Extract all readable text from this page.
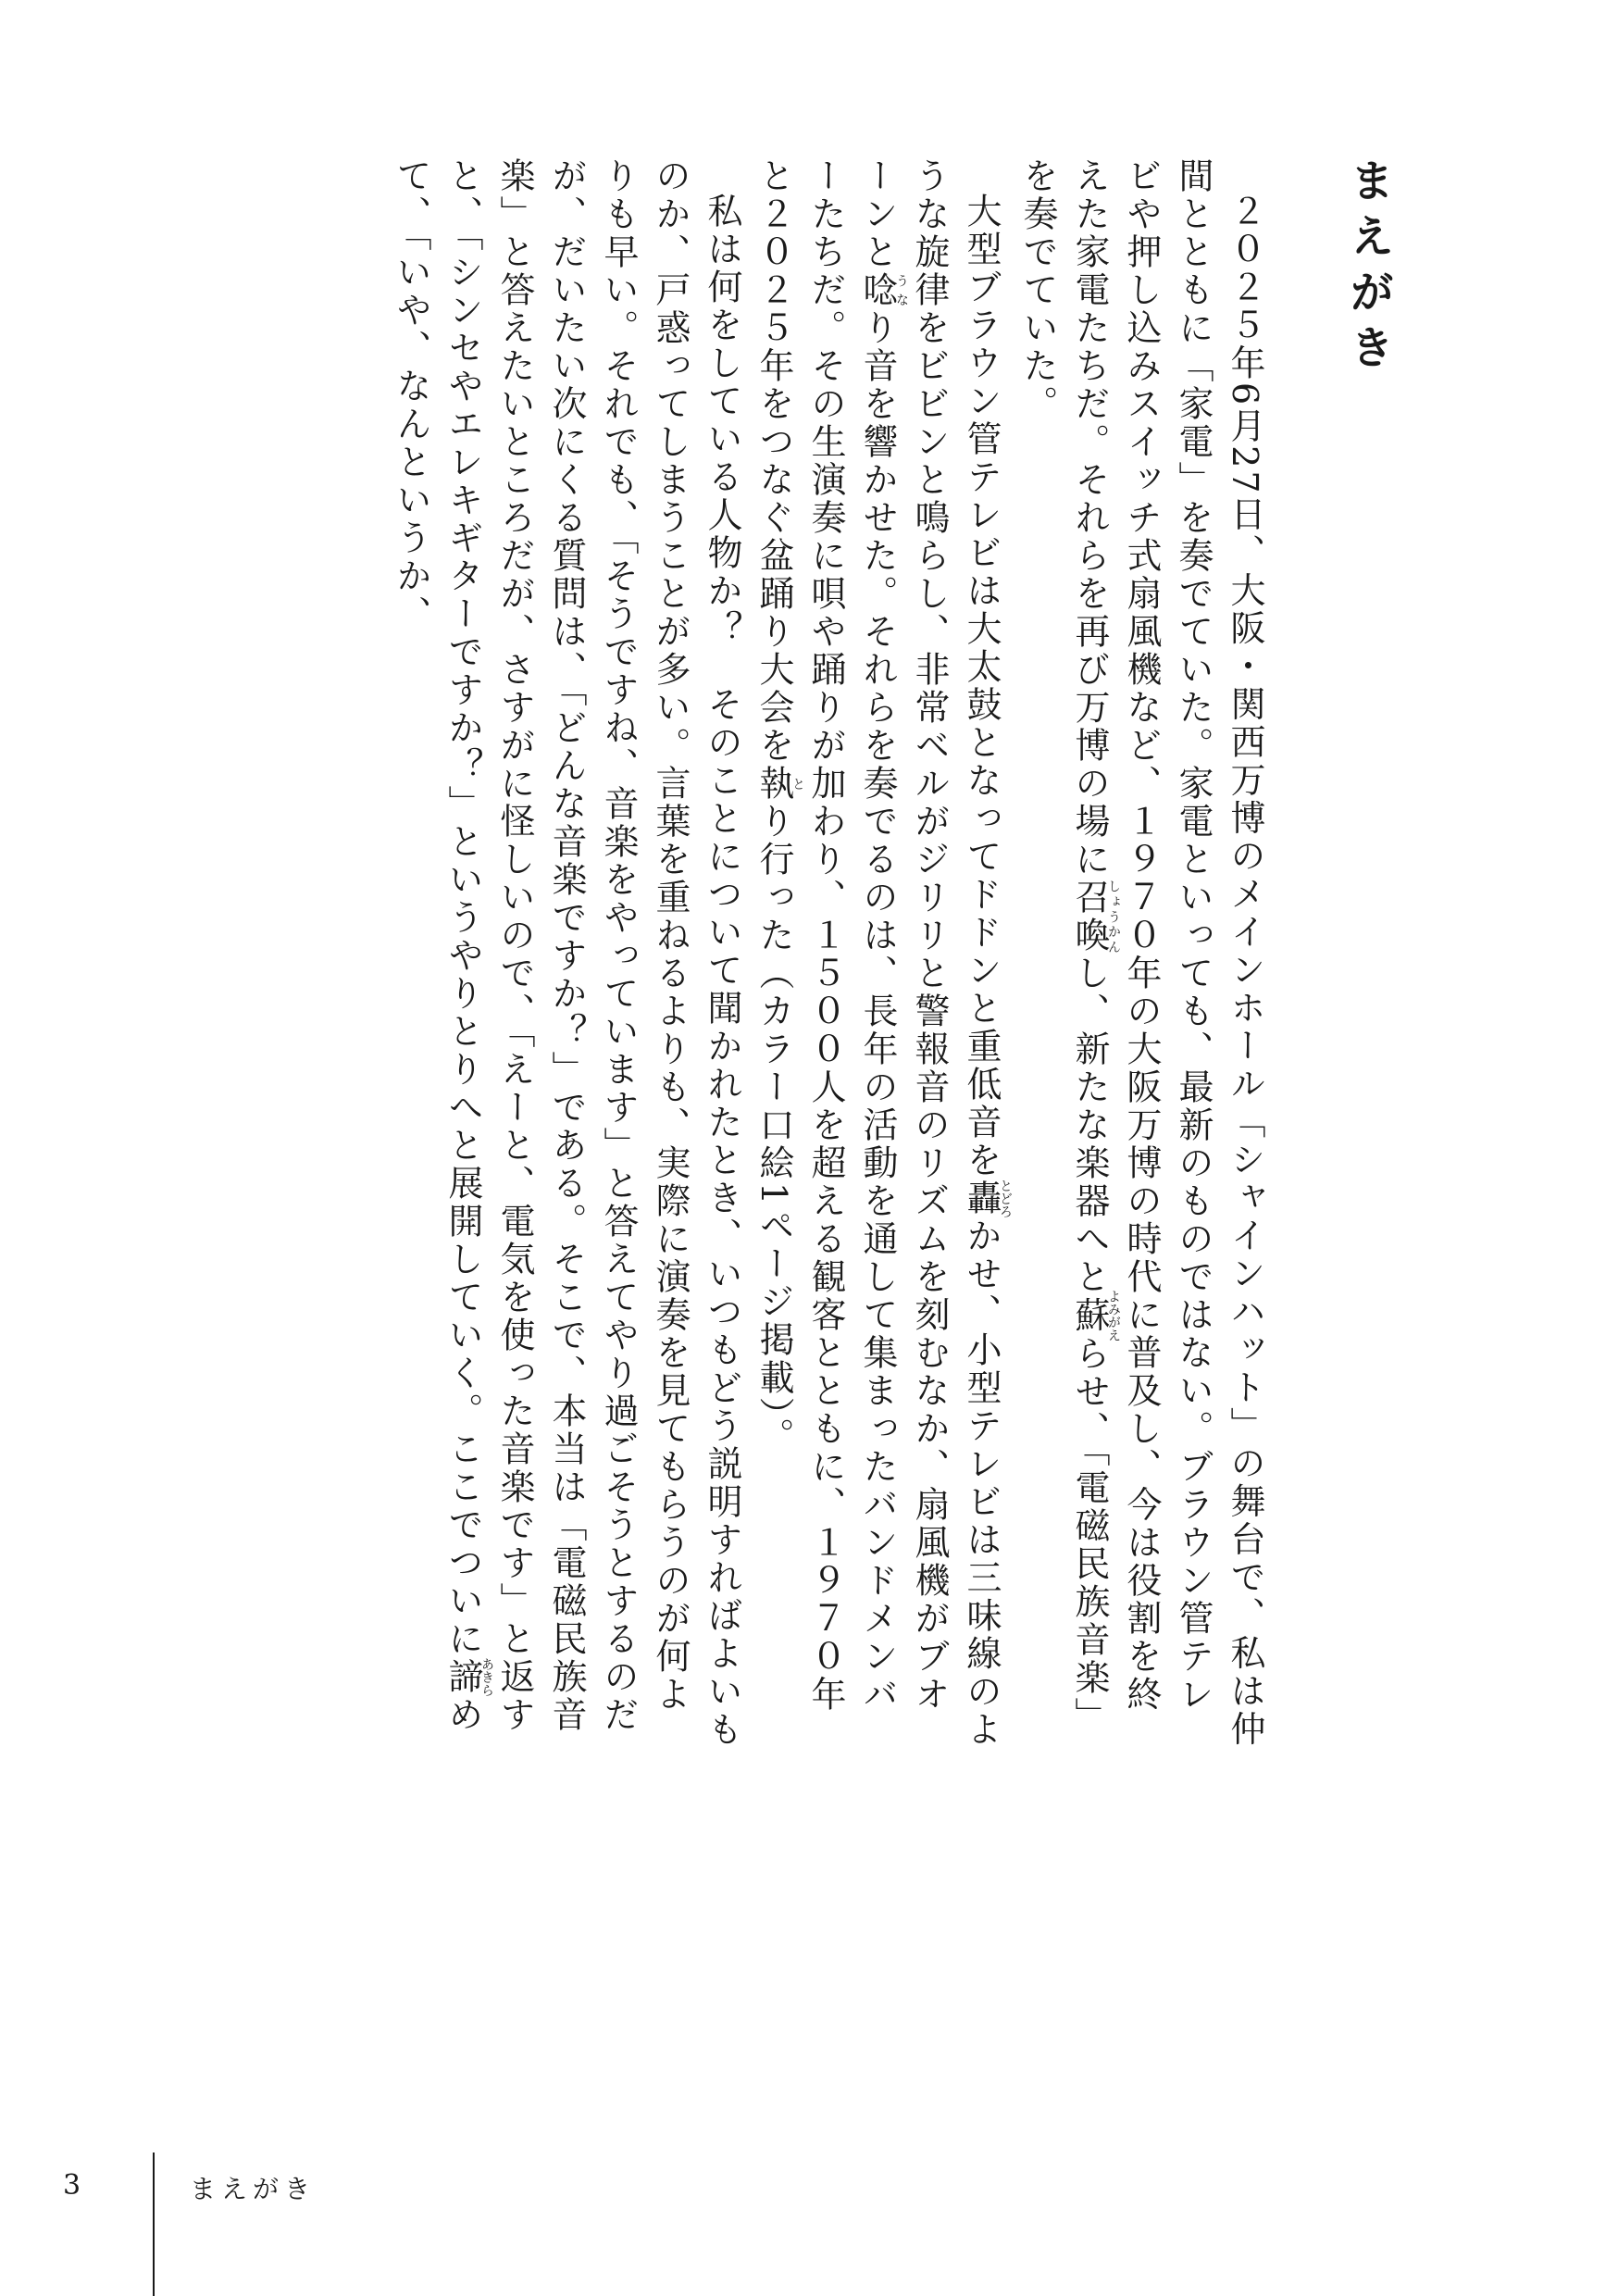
まえがき

２０２５年6月27日、大阪・関西万博のメインホール「シャインハット」の舞台で、私は仲間とともに「家電」を奏でていた。家電といっても、最新のものではない。ブラウン管テレビや押し込みスイッチ式扇風機など、１９７０年の大阪万博の時代に普及し、今は役割を終えた家電たちだ。それらを再び万博の場に召喚しょうかんし、新たな楽器へと蘇よみがえらせ、「電磁民族音楽」を奏でていた。

大型ブラウン管テレビは大太鼓となってドドンと重低音を轟とどろかせ、小型テレビは三味線のような旋律をビビンと鳴らし、非常ベルがジリリと警報音のリズムを刻むなか、扇風機がブオーンと唸うなり音を響かせた。それらを奏でるのは、長年の活動を通して集まったバンドメンバーたちだ。その生演奏に唄や踊りが加わり、１５００人を超える観客とともに、１９７０年と２０２５年をつなぐ盆踊り大会を執とり行った（カラー口絵1ページ掲載）。

私は何をしている人物か？　そのことについて聞かれたとき、いつもどう説明すればよいものか、戸惑ってしまうことが多い。言葉を重ねるよりも、実際に演奏を見てもらうのが何よりも早い。それでも、「そうですね、音楽をやっています」と答えてやり過ごそうとするのだが、だいたい次にくる質問は、「どんな音楽ですか？」である。そこで、本当は「電磁民族音楽」と答えたいところだが、さすがに怪しいので、「えーと、電気を使った音楽です」と返すと、「シンセやエレキギターですか？」というやりとりへと展開していく。ここでついに諦あきらめて、「いや、なんというか、

3	まえがき
